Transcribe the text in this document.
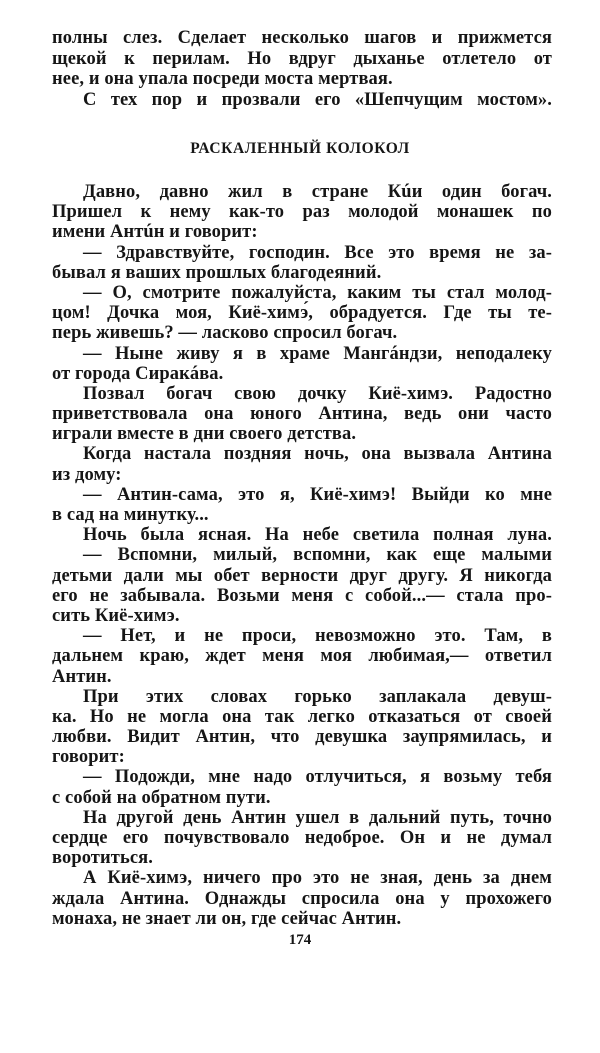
полны слез. Сделает несколько шагов и прижмется
щекой к перилам. Но вдруг дыханье отлетело от
нее, и она упала посреди моста мертвая.
С тех пор и прозвали его «Шепчущим мостом».
РАСКАЛЕННЫЙ КОЛОКОЛ
Давно, давно жил в стране Кúи один богач.
Пришел к нему как-то раз молодой монашек по
имени Антúн и говорит:
— Здравствуйте, господин. Все это время не за-
бывал я ваших прошлых благодеяний.
— О, смотрите пожалуйста, каким ты стал молод-
цом! Дочка моя, Киё-химэ́, обрадуется. Где ты те-
перь живешь? — ласково спросил богач.
— Ныне живу я в храме Мангáндзи, неподалеку
от города Сиракáва.
Позвал богач свою дочку Киё-химэ. Радостно
приветствовала она юного Антина, ведь они часто
играли вместе в дни своего детства.
Когда настала поздняя ночь, она вызвала Антина
из дому:
— Антин-сама, это я, Киё-химэ! Выйди ко мне
в сад на минутку...
Ночь была ясная. На небе светила полная луна.
— Вспомни, милый, вспомни, как еще малыми
детьми дали мы обет верности друг другу. Я никогда
его не забывала. Возьми меня с собой...— стала про-
сить Киё-химэ.
— Нет, и не проси, невозможно это. Там, в
дальнем краю, ждет меня моя любимая,— ответил
Антин.
При этих словах горько заплакала девуш-
ка. Но не могла она так легко отказаться от своей
любви. Видит Антин, что девушка заупрямилась, и
говорит:
— Подожди, мне надо отлучиться, я возьму тебя
с собой на обратном пути.
На другой день Антин ушел в дальний путь, точно
сердце его почувствовало недоброе. Он и не думал
воротиться.
А Киё-химэ, ничего про это не зная, день за днем
ждала Антина. Однажды спросила она у прохожего
монаха, не знает ли он, где сейчас Антин.
174
